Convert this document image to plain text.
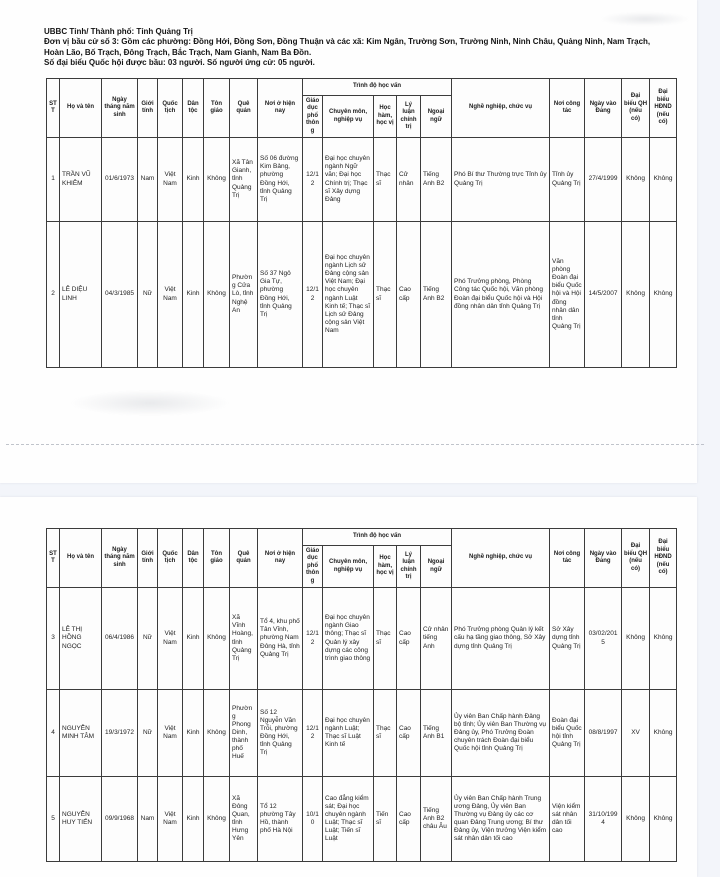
UBBC Tỉnh/ Thành phố: Tỉnh Quảng Trị
Đơn vị bầu cử số 3: Gồm các phường: Đồng Hới, Đồng Sơn, Đồng Thuận và các xã: Kim Ngân, Trường Sơn, Trường Ninh, Ninh Châu, Quảng Ninh, Nam Trạch, Hoàn Lão, Bố Trạch, Đông Trạch, Bắc Trạch, Nam Gianh, Nam Ba Đồn.
Số đại biểu Quốc hội được bầu: 03 người. Số người ứng cử: 05 người.
STT	Họ và tên	Ngày tháng năm sinh	Giới tính	Quốc tịch	Dân tộc	Tôn giáo	Quê quán	Nơi ở hiện nay	Trình độ học vấn					Nghề nghiệp, chức vụ	Nơi công tác	Ngày vào Đảng	Đại biểu QH (nếu có)	Đại biểu HĐND (nếu có)
									Giáo dục phổ thông	Chuyên môn, nghiệp vụ	Học hàm, học vị	Lý luận chính trị	Ngoại ngữ					
1	TRẦN VŨ KHIÊM	01/6/1973	Nam	Việt Nam	Kinh	Không	Xã Tân Gianh, tỉnh Quảng Trị	Số 06 đường Kim Bảng, phường Đồng Hới, tỉnh Quảng Trị	12/12	Đại học chuyên ngành Ngữ văn; Đại học Chính trị; Thạc sĩ Xây dựng Đảng	Thạc sĩ	Cử nhân	Tiếng Anh B2	Phó Bí thư Thường trực Tỉnh ủy Quảng Trị	Tỉnh ủy Quảng Trị	27/4/1999	Không	Không
2	LÊ DIỆU LINH	04/3/1985	Nữ	Việt Nam	Kinh	Không	Phường Cửa Lò, tỉnh Nghệ An	Số 37 Ngô Gia Tự, phường Đồng Hới, tỉnh Quảng Trị	12/12	Đại học chuyên ngành Lịch sử Đảng cộng sản Việt Nam; Đại học chuyên ngành Luật Kinh tế; Thạc sĩ Lịch sử Đảng cộng sản Việt Nam	Thạc sĩ	Cao cấp	Tiếng Anh B2	Phó Trưởng phòng, Phòng Công tác Quốc hội, Văn phòng Đoàn đại biểu Quốc hội và Hội đồng nhân dân tỉnh Quảng Trị	Văn phòng Đoàn đại biểu Quốc hội và Hội đồng nhân dân tỉnh Quảng Trị	14/5/2007	Không	Không
STT	Họ và tên	Ngày tháng năm sinh	Giới tính	Quốc tịch	Dân tộc	Tôn giáo	Quê quán	Nơi ở hiện nay	Trình độ học vấn					Nghề nghiệp, chức vụ	Nơi công tác	Ngày vào Đảng	Đại biểu QH (nếu có)	Đại biểu HĐND (nếu có)
									Giáo dục phổ thông	Chuyên môn, nghiệp vụ	Học hàm, học vị	Lý luận chính trị	Ngoại ngữ					
3	LÊ THỊ HỒNG NGỌC	06/4/1986	Nữ	Việt Nam	Kinh	Không	Xã Vĩnh Hoàng, tỉnh Quảng Trị	Tổ 4, khu phố Tân Vĩnh, phường Nam Đông Hà, tỉnh Quảng Trị	12/12	Đại học chuyên ngành Giao thông; Thạc sĩ Quản lý xây dựng các công trình giao thông	Thạc sĩ	Cao cấp	Cử nhân tiếng Anh	Phó Trưởng phòng Quản lý kết cấu hạ tầng giao thông, Sở Xây dựng tỉnh Quảng Trị	Sở Xây dựng tỉnh Quảng Trị	03/02/2015	Không	Không
4	NGUYỄN MINH TÂM	19/3/1972	Nữ	Việt Nam	Kinh	Không	Phường Phong Dinh, thành phố Huế	Số 12 Nguyễn Văn Trỗi, phường Đồng Hới, tỉnh Quảng Trị	12/12	Đại học chuyên ngành Luật; Thạc sĩ Luật Kinh tế	Thạc sĩ	Cao cấp	Tiếng Anh B1	Ủy viên Ban Chấp hành Đảng bộ tỉnh; Ủy viên Ban Thường vụ Đảng ủy, Phó Trưởng Đoàn chuyên trách Đoàn đại biểu Quốc hội tỉnh Quảng Trị	Đoàn đại biểu Quốc hội tỉnh Quảng Trị	08/8/1997	XV	Không
5	NGUYỄN HUY TIẾN	09/9/1968	Nam	Việt Nam	Kinh	Không	Xã Đông Quan, tỉnh Hưng Yên	Tổ 12 phường Tây Hồ, thành phố Hà Nội	10/10	Cao đẳng kiểm sát; Đại học chuyên ngành Luật; Thạc sĩ Luật; Tiến sĩ Luật	Tiến sĩ	Cao cấp	Tiếng Anh B2 châu Âu	Ủy viên Ban Chấp hành Trung ương Đảng, Ủy viên Ban Thường vụ Đảng ủy các cơ quan Đảng Trung ương; Bí thư Đảng ủy, Viện trưởng Viện kiểm sát nhân dân tối cao	Viện kiểm sát nhân dân tối cao	31/10/1994	Không	Không
